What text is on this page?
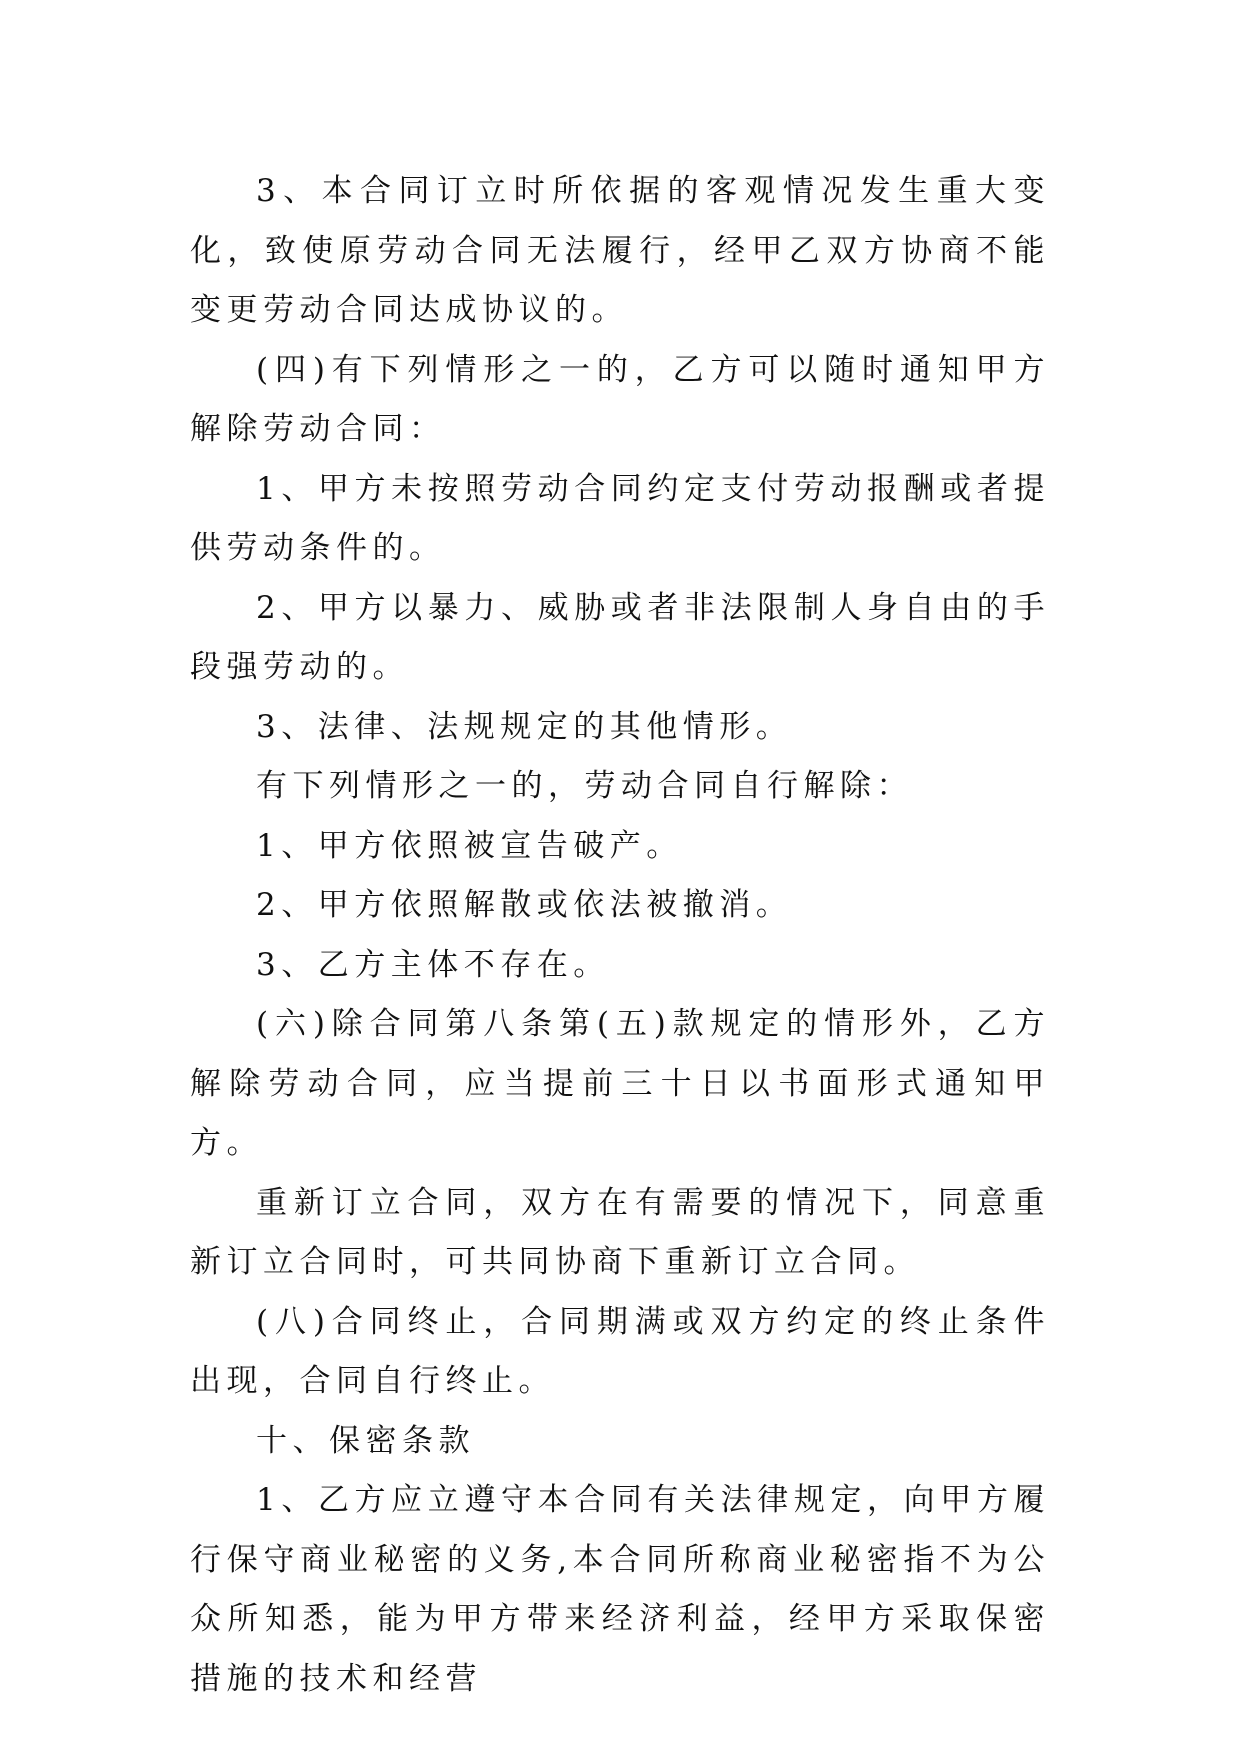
3、本合同订立时所依据的客观情况发生重大变化，致使原劳动合同无法履行，经甲乙双方协商不能变更劳动合同达成协议的。

(四)有下列情形之一的，乙方可以随时通知甲方解除劳动合同：

1、甲方未按照劳动合同约定支付劳动报酬或者提供劳动条件的。

2、甲方以暴力、威胁或者非法限制人身自由的手段强劳动的。

3、法律、法规规定的其他情形。

有下列情形之一的，劳动合同自行解除：

1、甲方依照被宣告破产。

2、甲方依照解散或依法被撤消。

3、乙方主体不存在。

(六)除合同第八条第(五)款规定的情形外，乙方解除劳动合同，应当提前三十日以书面形式通知甲方。

重新订立合同，双方在有需要的情况下，同意重新订立合同时，可共同协商下重新订立合同。

(八)合同终止，合同期满或双方约定的终止条件出现，合同自行终止。

十、保密条款

1、乙方应立遵守本合同有关法律规定，向甲方履行保守商业秘密的义务,本合同所称商业秘密指不为公众所知悉，能为甲方带来经济利益，经甲方采取保密措施的技术和经营
